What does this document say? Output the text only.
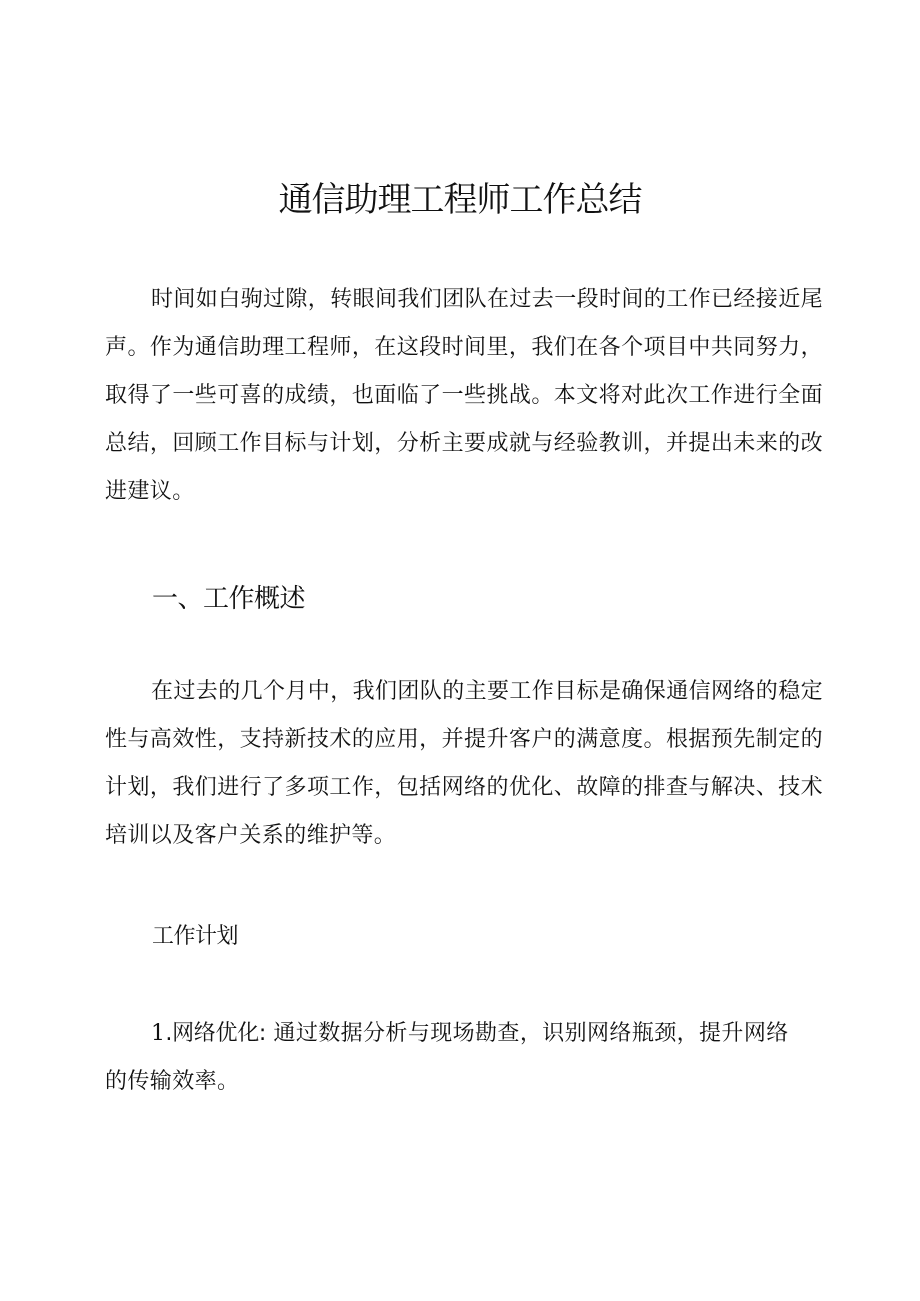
通信助理工程师工作总结

时间如白驹过隙，转眼间我们团队在过去一段时间的工作已经接近尾声。作为通信助理工程师，在这段时间里，我们在各个项目中共同努力，取得了一些可喜的成绩，也面临了一些挑战。本文将对此次工作进行全面总结，回顾工作目标与计划，分析主要成就与经验教训，并提出未来的改进建议。

一、工作概述

在过去的几个月中，我们团队的主要工作目标是确保通信网络的稳定性与高效性，支持新技术的应用，并提升客户的满意度。根据预先制定的计划，我们进行了多项工作，包括网络的优化、故障的排查与解决、技术培训以及客户关系的维护等。

工作计划

1.网络优化: 通过数据分析与现场勘查，识别网络瓶颈，提升网络的传输效率。
